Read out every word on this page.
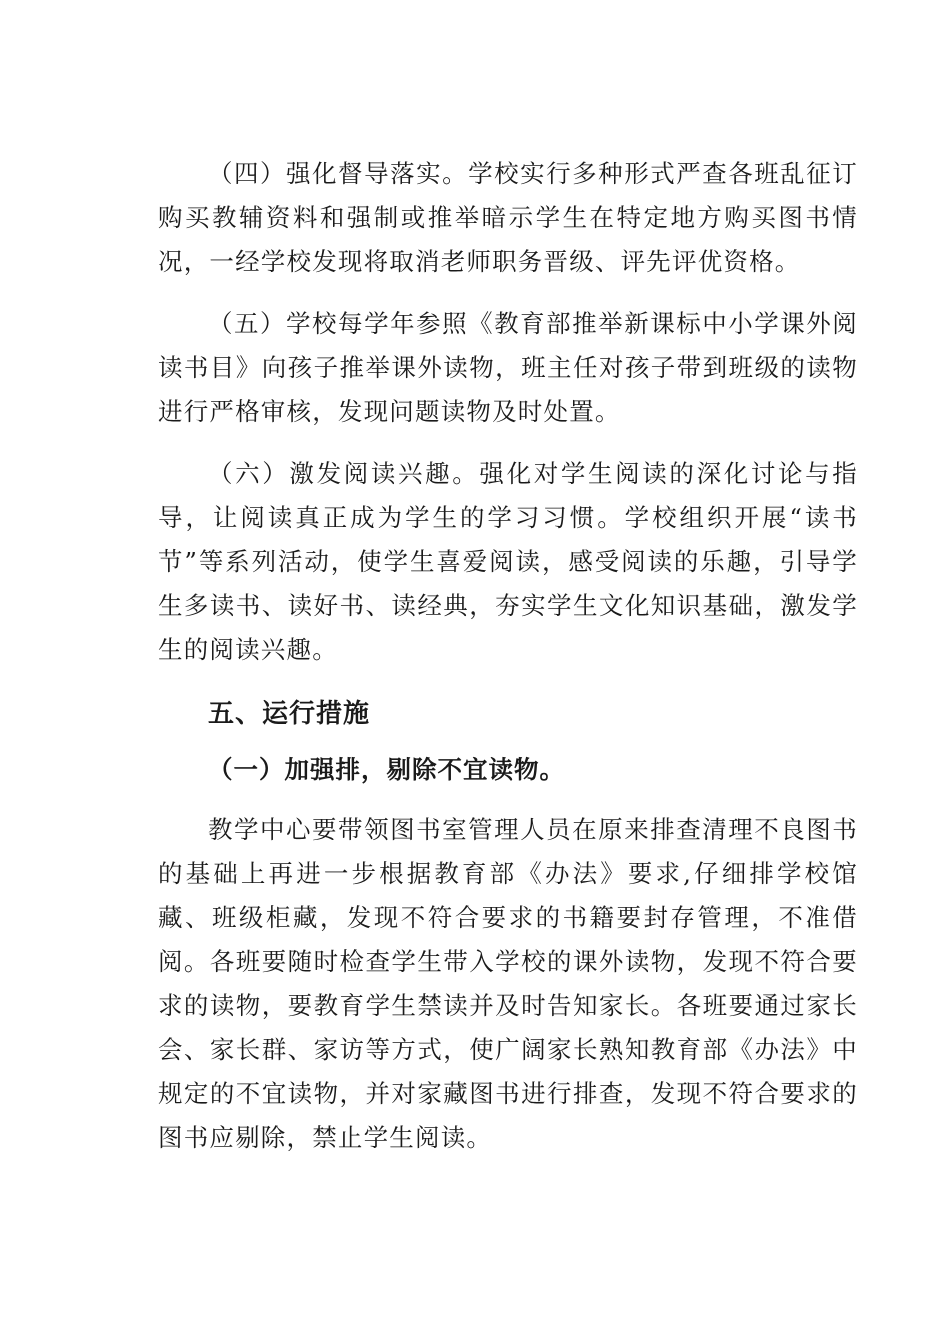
（四）强化督导落实。学校实行多种形式严查各班乱征订购买教辅资料和强制或推举暗示学生在特定地方购买图书情况，一经学校发现将取消老师职务晋级、评先评优资格。

（五）学校每学年参照《教育部推举新课标中小学课外阅读书目》向孩子推举课外读物，班主任对孩子带到班级的读物进行严格审核，发现问题读物及时处置。

（六）激发阅读兴趣。强化对学生阅读的深化讨论与指导，让阅读真正成为学生的学习习惯。学校组织开展“读书节”等系列活动，使学生喜爱阅读，感受阅读的乐趣，引导学生多读书、读好书、读经典，夯实学生文化知识基础，激发学生的阅读兴趣。

五、运行措施
（一）加强排，剔除不宜读物。

教学中心要带领图书室管理人员在原来排查清理不良图书的基础上再进一步根据教育部《办法》要求,仔细排学校馆藏、班级柜藏，发现不符合要求的书籍要封存管理，不准借阅。各班要随时检查学生带入学校的课外读物，发现不符合要求的读物，要教育学生禁读并及时告知家长。各班要通过家长会、家长群、家访等方式，使广阔家长熟知教育部《办法》中规定的不宜读物，并对家藏图书进行排查，发现不符合要求的图书应剔除，禁止学生阅读。
